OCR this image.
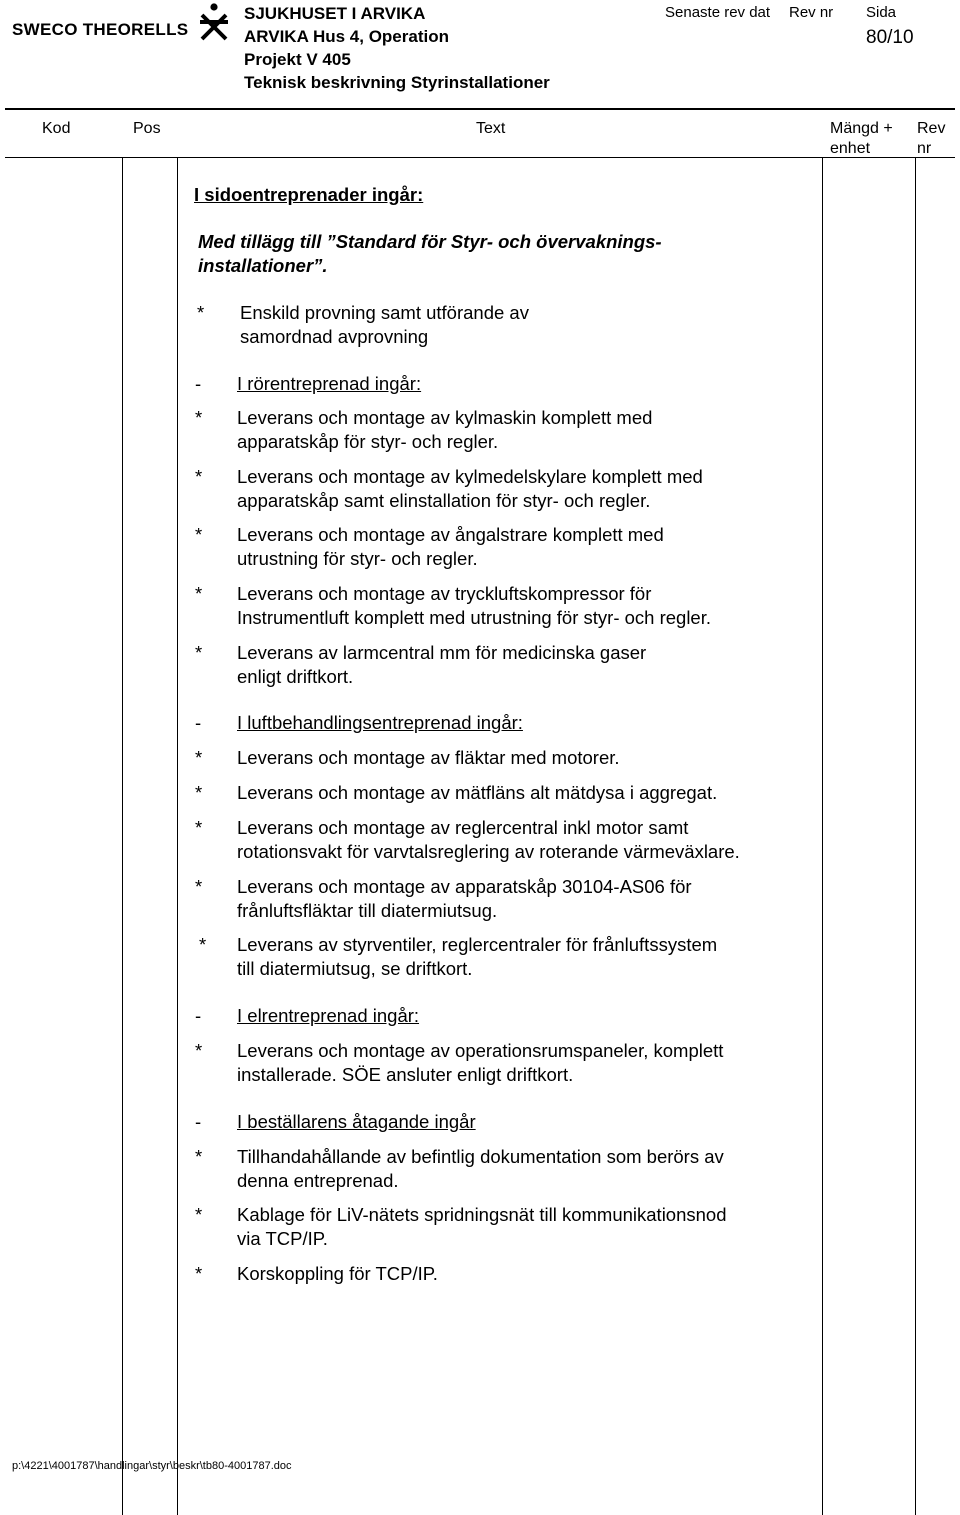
SWECO THEORELLS
SJUKHUSET I ARVIKA
ARVIKA Hus 4, Operation
Projekt V 405
Teknisk beskrivning Styrinstallationer
Senaste rev dat Rev nr Sida
80/10
Kod	Pos	Text	Mängd +
enhet
Rev
nr
I sidoentreprenader ingår:
Med tillägg till ”Standard för Styr- och övervaknings-
installationer”.
* Enskild provning samt utförande av
samordnad avprovning
- I rörentreprenad ingår:
* Leverans och montage av kylmaskin komplett med
apparatskåp för styr- och regler.
* Leverans och montage av kylmedelskylare komplett med
apparatskåp samt elinstallation för styr- och regler.
* Leverans och montage av ångalstrare komplett med
utrustning för styr- och regler.
* Leverans och montage av tryckluftskompressor för
Instrumentluft komplett med utrustning för styr- och regler.
* Leverans av larmcentral mm för medicinska gaser
enligt driftkort.
- I luftbehandlingsentreprenad ingår:
* Leverans och montage av fläktar med motorer.
* Leverans och montage av mätfläns alt mätdysa i aggregat.
* Leverans och montage av reglercentral inkl motor samt
rotationsvakt för varvtalsreglering av roterande värmeväxlare.
* Leverans och montage av apparatskåp 30104-AS06 för
frånluftsfläktar till diatermiutsug.
* Leverans av styrventiler, reglercentraler för frånluftssystem
till diatermiutsug, se driftkort.
- I elrentreprenad ingår:
* Leverans och montage av operationsrumspaneler, komplett
installerade. SÖE ansluter enligt driftkort.
- I beställarens åtagande ingår
* Tillhandahållande av befintlig dokumentation som berörs av
denna entreprenad.
* Kablage för LiV-nätets spridningsnät till kommunikationsnod
via TCP/IP.
* Korskoppling för TCP/IP.
p:\4221\4001787\handlingar\styr\beskr\tb80-4001787.doc
